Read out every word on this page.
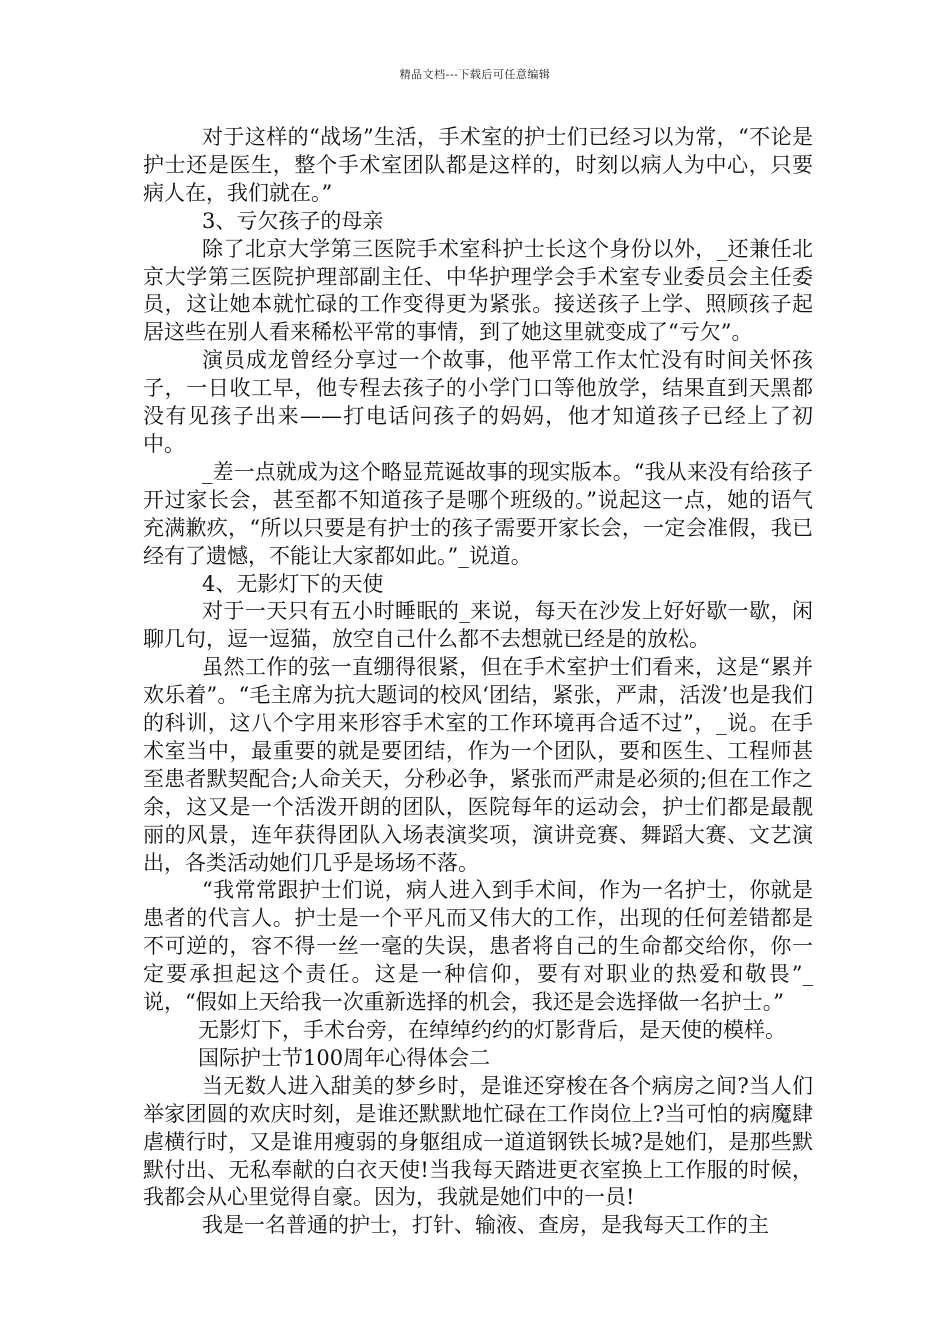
精品文档---下载后可任意编辑

对于这样的“战场”生活，手术室的护士们已经习以为常，“不论是护士还是医生，整个手术室团队都是这样的，时刻以病人为中心，只要病人在，我们就在。”

3、亏欠孩子的母亲

除了北京大学第三医院手术室科护士长这个身份以外，_还兼任北京大学第三医院护理部副主任、中华护理学会手术室专业委员会主任委员，这让她本就忙碌的工作变得更为紧张。接送孩子上学、照顾孩子起居这些在别人看来稀松平常的事情，到了她这里就变成了“亏欠”。

演员成龙曾经分享过一个故事，他平常工作太忙没有时间关怀孩子，一日收工早，他专程去孩子的小学门口等他放学，结果直到天黑都没有见孩子出来——打电话问孩子的妈妈，他才知道孩子已经上了初中。

_差一点就成为这个略显荒诞故事的现实版本。“我从来没有给孩子开过家长会，甚至都不知道孩子是哪个班级的。”说起这一点，她的语气充满歉疚，“所以只要是有护士的孩子需要开家长会，一定会准假，我已经有了遗憾，不能让大家都如此。”_说道。

4、无影灯下的天使

对于一天只有五小时睡眠的_来说，每天在沙发上好好歇一歇，闲聊几句，逗一逗猫，放空自己什么都不去想就已经是的放松。

虽然工作的弦一直绷得很紧，但在手术室护士们看来，这是“累并欢乐着”。“毛主席为抗大题词的校风‘团结，紧张，严肃，活泼’也是我们的科训，这八个字用来形容手术室的工作环境再合适不过”，_说。在手术室当中，最重要的就是要团结，作为一个团队，要和医生、工程师甚至患者默契配合;人命关天，分秒必争，紧张而严肃是必须的;但在工作之余，这又是一个活泼开朗的团队，医院每年的运动会，护士们都是最靓丽的风景，连年获得团队入场表演奖项，演讲竞赛、舞蹈大赛、文艺演出，各类活动她们几乎是场场不落。

“我常常跟护士们说，病人进入到手术间，作为一名护士，你就是患者的代言人。护士是一个平凡而又伟大的工作，出现的任何差错都是不可逆的，容不得一丝一毫的失误，患者将自己的生命都交给你，你一定要承担起这个责任。这是一种信仰，要有对职业的热爱和敬畏”_说，“假如上天给我一次重新选择的机会，我还是会选择做一名护士。”

无影灯下，手术台旁，在绰绰约约的灯影背后，是天使的模样。

国际护士节100周年心得体会二

当无数人进入甜美的梦乡时，是谁还穿梭在各个病房之间?当人们举家团圆的欢庆时刻，是谁还默默地忙碌在工作岗位上?当可怕的病魔肆虐横行时，又是谁用瘦弱的身躯组成一道道钢铁长城?是她们，是那些默默付出、无私奉献的白衣天使!当我每天踏进更衣室换上工作服的时候，我都会从心里觉得自豪。因为，我就是她们中的一员!

我是一名普通的护士，打针、输液、查房，是我每天工作的主
